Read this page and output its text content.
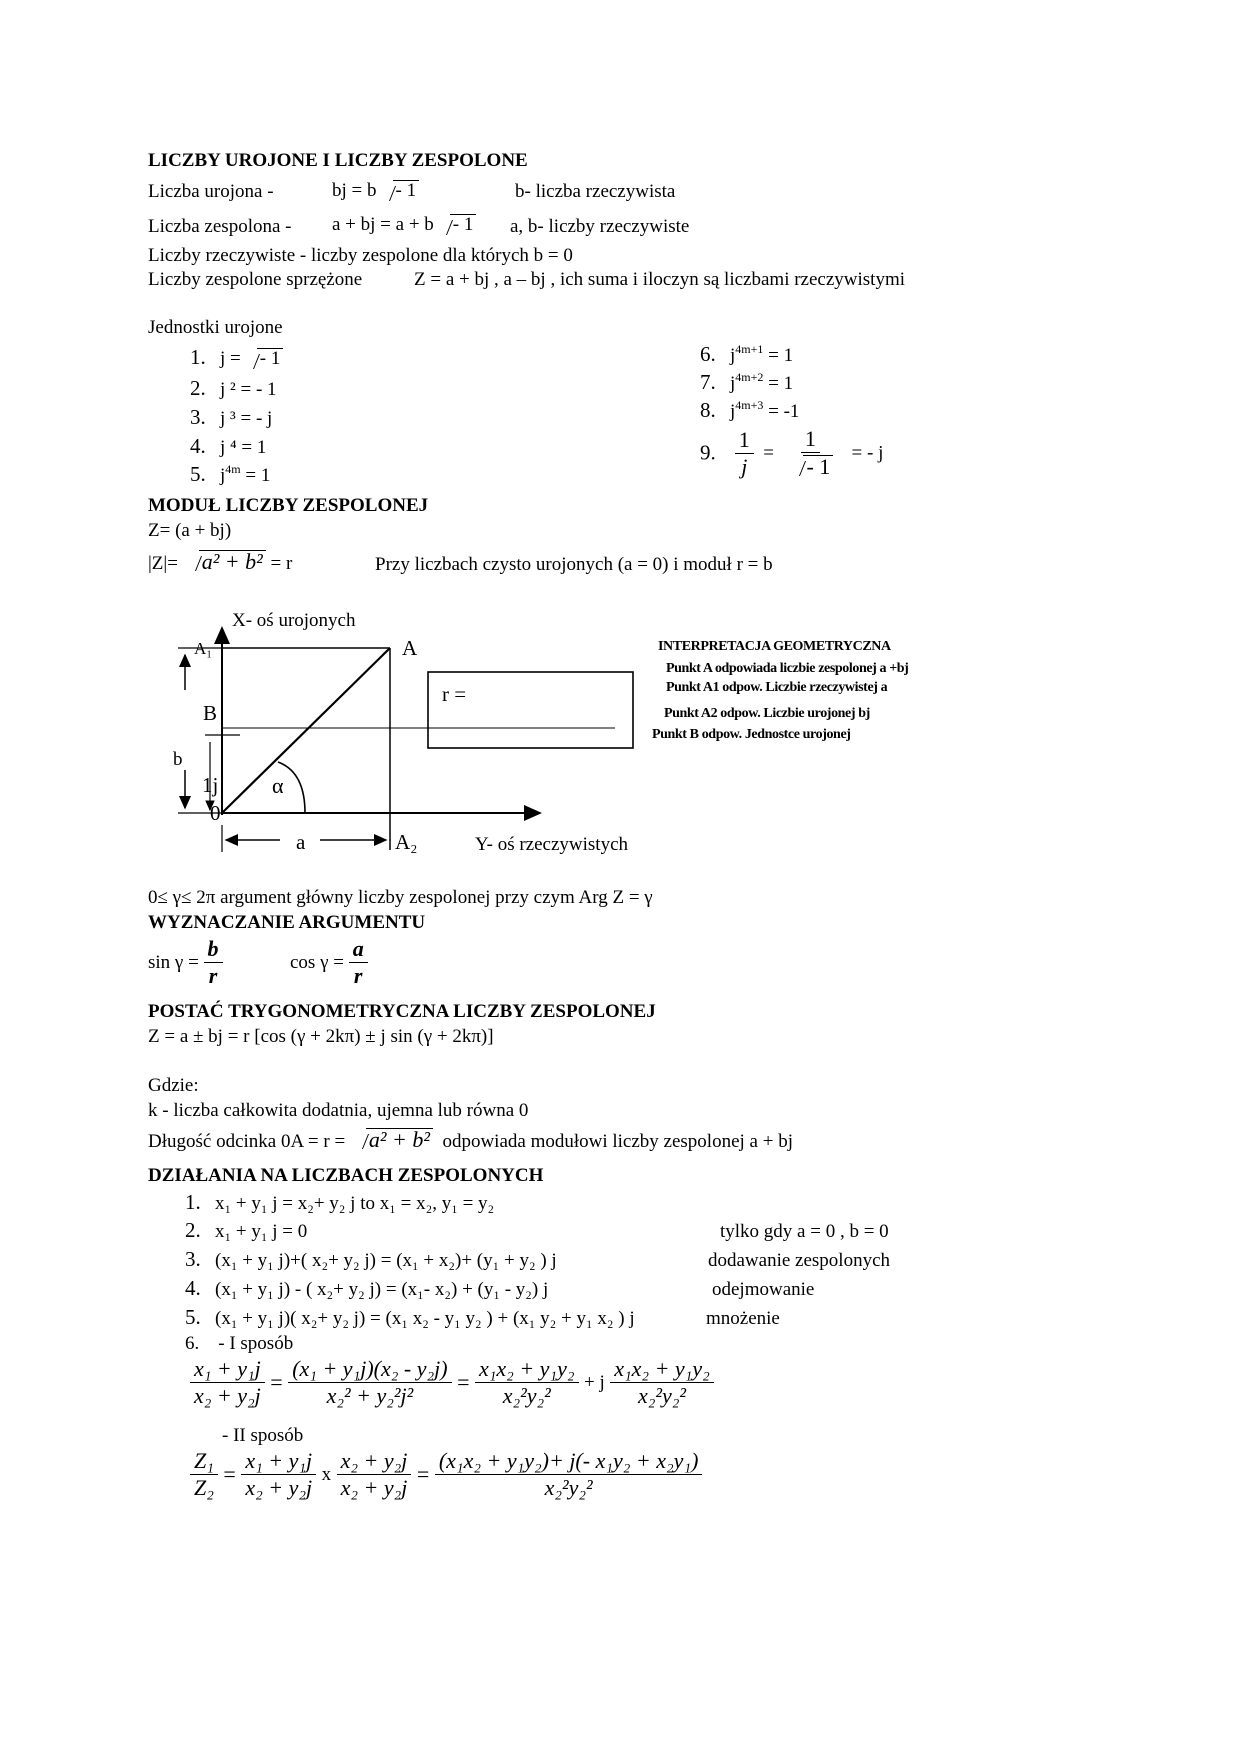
LICZBY UROJONE I LICZBY ZESPOLONE
Liczba urojona -	bj = b - 1	b- liczba rzeczywista
Liczba zespolona - a + bj = a + b - 1 a, b- liczby rzeczywiste
Liczby rzeczywiste - liczby zespolone dla których b = 0
Liczby zespolone sprzężone	Z = a + bj , a – bj , ich suma i iloczyn są liczbami rzeczywistymi
Jednostki urojone
1. j = - 1
2. j ² = - 1
3. j ³ = - j
4. j ⁴ = 1
5. $j^{4m} = 1$
6. $j^{4m+1} = 1$
7. $j^{4m+2} = 1$
8. $j^{4m+3} = -1$
9. $\frac{1}{j} = \frac{1}{- 1}$ = - j
MODUŁ LICZBY ZESPOLONEJ
Z= (a + bj)
|Z|= a² + b² = r	Przy liczbach czysto urojonych (a = 0) i moduł r = b
X- oś urojonych
A
A₁
B
b
1j
0
α
a	A₂	Y- oś rzeczywistych
r =
INTERPRETACJA GEOMETRYCZNA
Punkt A odpowiada liczbie zespolonej a +bj
Punkt A1 odpow. Liczbie rzeczywistej a
Punkt A2 odpow. Liczbie urojonej bj
Punkt B odpow. Jednostce urojonej
0≤ γ≤ 2π argument główny liczby zespolonej przy czym Arg Z = γ
WYZNACZANIE ARGUMENTU
$\sin \gamma = \frac{b}{r}$	$\cos \gamma = \frac{a}{r}$
POSTAĆ TRYGONOMETRYCZNA LICZBY ZESPOLONEJ
Z = a ± bj = r [cos (γ + 2kπ) ± j sin (γ + 2kπ)]
Gdzie:
k - liczba całkowita dodatnia, ujemna lub równa 0
Długość odcinka 0A = r = a² + b² odpowiada modułowi liczby zespolonej a + bj
DZIAŁANIA NA LICZBACH ZESPOLONYCH
1. x₁ + y₁ j = x₂+ y₂ j to x₁ = x₂, y₁ = y₂
2. x₁ + y₁ j = 0	tylko gdy a = 0 , b = 0
3. (x₁ + y₁ j)+( x₂+ y₂ j) = (x₁ + x₂)+ (y₁ + y₂ ) j	dodawanie zespolonych
4. (x₁ + y₁ j) - ( x₂+ y₂ j) = (x₁- x₂) + (y₁ - y₂) j	odejmowanie
5. (x₁ + y₁ j)( x₂+ y₂ j) = (x₁ x₂ - y₁ y₂ ) + (x₁ y₂ + y₁ x₂ ) j	mnożenie
6. - I sposób
$\frac{\text{x₁ + y₁j}}{\text{x₂ + y₂j}} = \frac{\text{(x₁ + y₁j)(x₂ - y₂j)}}{\text{x₂² + y₂²j²}} = \frac{\text{x₁x₂ + y₁y₂}}{\text{x₂²y₂²}} + j \frac{\text{x₁x₂ + y₁y₂}}{\text{x₂²y₂²}}$
- II sposób
$\frac{\text{Z₁}}{\text{Z₂}} = \frac{\text{x₁ + y₁j}}{\text{x₂ + y₂j}}$ x $\frac{\text{x₂ + y₂j}}{\text{x₂ + y₂j}} = \frac{\text{(x₁x₂ + y₁y₂)+ j(- x₁y₂ + x₂y₁)}}{\text{x₂²y₂²}}$
